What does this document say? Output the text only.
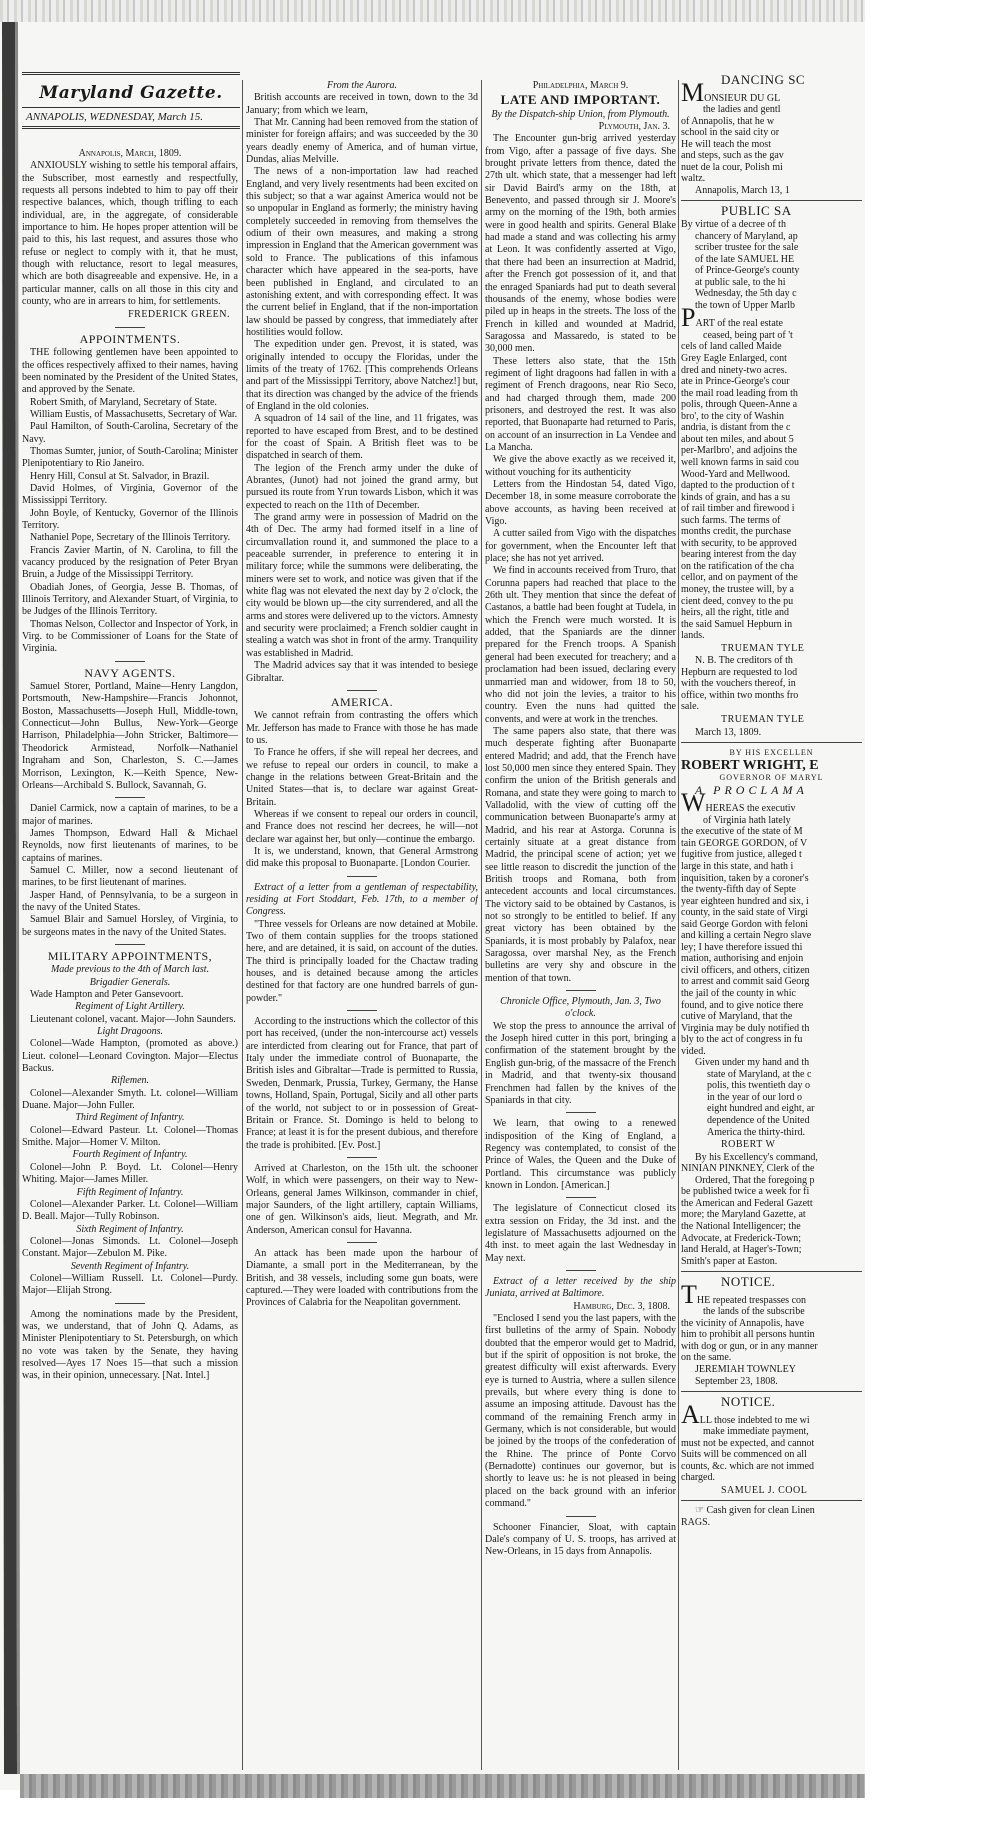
Maryland Gazette.
ANNAPOLIS, WEDNESDAY, March 15.
Annapolis, March, 1809.
ANXIOUSLY wishing to settle his temporal affairs, the Subscriber, most earnestly and respectfully, requests all persons indebted to him to pay off their respective balances, which, though trifling to each individual, are, in the aggregate, of considerable importance to him. He hopes proper attention will be paid to this, his last request, and assures those who refuse or neglect to comply with it, that he must, though with reluctance, resort to legal measures, which are both disagreeable and expensive. He, in a particular manner, calls on all those in this city and county, who are in arrears to him, for settlements.
FREDERICK GREEN.
APPOINTMENTS.
THE following gentlemen have been appointed to the offices respectively affixed to their names, having been nominated by the President of the United States, and approved by the Senate.
Robert Smith, of Maryland, Secretary of State.
William Eustis, of Massachusetts, Secretary of War.
Paul Hamilton, of South-Carolina, Secretary of the Navy.
Thomas Sumter, junior, of South-Carolina; Minister Plenipotentiary to Rio Janeiro.
Henry Hill, Consul at St. Salvador, in Brazil.
David Holmes, of Virginia, Governor of the Mississippi Territory.
John Boyle, of Kentucky, Governor of the Illinois Territory.
Nathaniel Pope, Secretary of the Illinois Territory.
Francis Zavier Martin, of N. Carolina, to fill the vacancy produced by the resignation of Peter Bryan Bruin, a Judge of the Mississippi Territory.
Obadiah Jones, of Georgia, Jesse B. Thomas, of Illinois Territory, and Alexander Stuart, of Virginia, to be Judges of the Illinois Territory.
Thomas Nelson, Collector and Inspector of York, in Virg. to be Commissioner of Loans for the State of Virginia.
NAVY AGENTS.
Samuel Storer, Portland, Maine—Henry Langdon, Portsmouth, New-Hampshire—Francis Johonnot, Boston, Massachusetts—Joseph Hull, Middle-town, Connecticut—John Bullus, New-York—George Harrison, Philadelphia—John Stricker, Baltimore—Theodorick Armistead, Norfolk—Nathaniel Ingraham and Son, Charleston, S. C.—James Morrison, Lexington, K.—Keith Spence, New-Orleans—Archibald S. Bullock, Savannah, G.
Daniel Carmick, now a captain of marines, to be a major of marines.
James Thompson, Edward Hall & Michael Reynolds, now first lieutenants of marines, to be captains of marines.
Samuel C. Miller, now a second lieutenant of marines, to be first lieutenant of marines.
Jasper Hand, of Pennsylvania, to be a surgeon in the navy of the United States.
Samuel Blair and Samuel Horsley, of Virginia, to be surgeons mates in the navy of the United States.
MILITARY APPOINTMENTS,
Made previous to the 4th of March last.
Brigadier Generals.
Wade Hampton and Peter Gansevoort.
Regiment of Light Artillery.
Lieutenant colonel, vacant. Major—John Saunders.
Light Dragoons.
Colonel—Wade Hampton, (promoted as above.) Lieut. colonel—Leonard Covington. Major—Electus Backus.
Riflemen.
Colonel—Alexander Smyth. Lt. colonel—William Duane. Major—John Fuller.
Third Regiment of Infantry.
Colonel—Edward Pasteur. Lt. Colonel—Thomas Smithe. Major—Homer V. Milton.
Fourth Regiment of Infantry.
Colonel—John P. Boyd. Lt. Colonel—Henry Whiting. Major—James Miller.
Fifth Regiment of Infantry.
Colonel—Alexander Parker. Lt. Colonel—William D. Beall. Major—Tully Robinson.
Sixth Regiment of Infantry.
Colonel—Jonas Simonds. Lt. Colonel—Joseph Constant. Major—Zebulon M. Pike.
Seventh Regiment of Infantry.
Colonel—William Russell. Lt. Colonel—Purdy. Major—Elijah Strong.
Among the nominations made by the President, was, we understand, that of John Q. Adams, as Minister Plenipotentiary to St. Petersburgh, on which no vote was taken by the Senate, they having resolved—Ayes 17 Noes 15—that such a mission was, in their opinion, unnecessary. [Nat. Intel.]
From the Aurora.
British accounts are received in town, down to the 3d January; from which we learn,
That Mr. Canning had been removed from the station of minister for foreign affairs; and was succeeded by the 30 years deadly enemy of America, and of human virtue, Dundas, alias Melville.
The news of a non-importation law had reached England, and very lively resentments had been excited on this subject; so that a war against America would not be so unpopular in England as formerly; the ministry having completely succeeded in removing from themselves the odium of their own measures, and making a strong impression in England that the American government was sold to France. The publications of this infamous character which have appeared in the sea-ports, have been published in England, and circulated to an astonishing extent, and with corresponding effect. It was the current belief in England, that if the non-importation law should be passed by congress, that immediately after hostilities would follow.
The expedition under gen. Prevost, it is stated, was originally intended to occupy the Floridas, under the limits of the treaty of 1762. [This comprehends Orleans and part of the Mississippi Territory, above Natchez!] but, that its direction was changed by the advice of the friends of England in the old colonies.
A squadron of 14 sail of the line, and 11 frigates, was reported to have escaped from Brest, and to be destined for the coast of Spain. A British fleet was to be dispatched in search of them.
The legion of the French army under the duke of Abrantes, (Junot) had not joined the grand army, but pursued its route from Yrun towards Lisbon, which it was expected to reach on the 11th of December.
The grand army were in possession of Madrid on the 4th of Dec. The army had formed itself in a line of circumvallation round it, and summoned the place to a peaceable surrender, in preference to entering it in military force; while the summons were deliberating, the miners were set to work, and notice was given that if the white flag was not elevated the next day by 2 o'clock, the city would be blown up—the city surrendered, and all the arms and stores were delivered up to the victors. Amnesty and security were proclaimed; a French soldier caught in stealing a watch was shot in front of the army. Tranquility was established in Madrid.
The Madrid advices say that it was intended to besiege Gibraltar.
AMERICA.
We cannot refrain from contrasting the offers which Mr. Jefferson has made to France with those he has made to us.
To France he offers, if she will repeal her decrees, and we refuse to repeal our orders in council, to make a change in the relations between Great-Britain and the United States—that is, to declare war against Great-Britain.
Whereas if we consent to repeal our orders in council, and France does not rescind her decrees, he will—not declare war against her, but only—continue the embargo.
It is, we understand, known, that General Armstrong did make this proposal to Buonaparte. [London Courier.
Extract of a letter from a gentleman of respectability, residing at Fort Stoddart, Feb. 17th, to a member of Congress.
"Three vessels for Orleans are now detained at Mobile. Two of them contain supplies for the troops stationed here, and are detained, it is said, on account of the duties. The third is principally loaded for the Chactaw trading houses, and is detained because among the articles destined for that factory are one hundred barrels of gun-powder."
According to the instructions which the collector of this port has received, (under the non-intercourse act) vessels are interdicted from clearing out for France, that part of Italy under the immediate control of Buonaparte, the British isles and Gibraltar—Trade is permitted to Russia, Sweden, Denmark, Prussia, Turkey, Germany, the Hanse towns, Holland, Spain, Portugal, Sicily and all other parts of the world, not subject to or in possession of Great-Britain or France. St. Domingo is held to belong to France; at least it is for the present dubious, and therefore the trade is prohibited. [Ev. Post.]
Arrived at Charleston, on the 15th ult. the schooner Wolf, in which were passengers, on their way to New-Orleans, general James Wilkinson, commander in chief, major Saunders, of the light artillery, captain Williams, one of gen. Wilkinson's aids, lieut. Megrath, and Mr. Anderson, American consul for Havanna.
An attack has been made upon the harbour of Diamante, a small port in the Mediterranean, by the British, and 38 vessels, including some gun boats, were captured.—They were loaded with contributions from the Provinces of Calabria for the Neapolitan government.
Philadelphia, March 9.
LATE AND IMPORTANT.
By the Dispatch-ship Union, from Plymouth.
Plymouth, Jan. 3.
The Encounter gun-brig arrived yesterday from Vigo, after a passage of five days. She brought private letters from thence, dated the 27th ult. which state, that a messenger had left sir David Baird's army on the 18th, at Benevento, and passed through sir J. Moore's army on the morning of the 19th, both armies were in good health and spirits. General Blake had made a stand and was collecting his army at Leon. It was confidently asserted at Vigo, that there had been an insurrection at Madrid, after the French got possession of it, and that the enraged Spaniards had put to death several thousands of the enemy, whose bodies were piled up in heaps in the streets. The loss of the French in killed and wounded at Madrid, Saragossa and Massaredo, is stated to be 30,000 men.
These letters also state, that the 15th regiment of light dragoons had fallen in with a regiment of French dragoons, near Rio Seco, and had charged through them, made 200 prisoners, and destroyed the rest. It was also reported, that Buonaparte had returned to Paris, on account of an insurrection in La Vendee and La Mancha.
We give the above exactly as we received it, without vouching for its authenticity
Letters from the Hindostan 54, dated Vigo, December 18, in some measure corroborate the above accounts, as having been received at Vigo.
A cutter sailed from Vigo with the dispatches for government, when the Encounter left that place; she has not yet arrived.
We find in accounts received from Truro, that Corunna papers had reached that place to the 26th ult. They mention that since the defeat of Castanos, a battle had been fought at Tudela, in which the French were much worsted. It is added, that the Spaniards are the dinner prepared for the French troops. A Spanish general had been executed for treachery; and a proclamation had been issued, declaring every unmarried man and widower, from 18 to 50, who did not join the levies, a traitor to his country. Even the nuns had quitted the convents, and were at work in the trenches.
The same papers also state, that there was much desperate fighting after Buonaparte entered Madrid; and add, that the French have lost 50,000 men since they entered Spain. They confirm the union of the British generals and Romana, and state they were going to march to Valladolid, with the view of cutting off the communication between Buonaparte's army at Madrid, and his rear at Astorga. Corunna is certainly situate at a great distance from Madrid, the principal scene of action; yet we see little reason to discredit the junction of the British troops and Romana, both from antecedent accounts and local circumstances. The victory said to be obtained by Castanos, is not so strongly to be entitled to belief. If any great victory has been obtained by the Spaniards, it is most probably by Palafox, near Saragossa, over marshal Ney, as the French bulletins are very shy and obscure in the mention of that town.
Chronicle Office, Plymouth, Jan. 3, Two o'clock.
We stop the press to announce the arrival of the Joseph hired cutter in this port, bringing a confirmation of the statement brought by the English gun-brig, of the massacre of the French in Madrid, and that twenty-six thousand Frenchmen had fallen by the knives of the Spaniards in that city.
We learn, that owing to a renewed indisposition of the King of England, a Regency was contemplated, to consist of the Prince of Wales, the Queen and the Duke of Portland. This circumstance was publicly known in London. [American.]
The legislature of Connecticut closed its extra session on Friday, the 3d inst. and the legislature of Massachusetts adjourned on the 4th inst. to meet again the last Wednesday in May next.
Extract of a letter received by the ship Juniata, arrived at Baltimore.
Hamburg, Dec. 3, 1808.
"Enclosed I send you the last papers, with the first bulletins of the army of Spain. Nobody doubted that the emperor would get to Madrid, but if the spirit of opposition is not broke, the greatest difficulty will exist afterwards. Every eye is turned to Austria, where a sullen silence prevails, but where every thing is done to assume an imposing attitude. Davoust has the command of the remaining French army in Germany, which is not considerable, but would be joined by the troops of the confederation of the Rhine. The prince of Ponte Corvo (Bernadotte) continues our governor, but is shortly to leave us: he is not pleased in being placed on the back ground with an inferior command."
Schooner Financier, Sloat, with captain Dale's company of U. S. troops, has arrived at New-Orleans, in 15 days from Annapolis.
DANCING SC
MONSIEUR DU GL
the ladies and gentl
of Annapolis, that he w
school in the said city or
He will teach the most
and steps, such as the gav
nuet de la cour, Polish mi
waltz.
Annapolis, March 13, 1
PUBLIC SA
By virtue of a decree of th
chancery of Maryland, ap
scriber trustee for the sale
of the late SAMUEL HE
of Prince-George's county
at public sale, to the hi
Wednesday, the 5th day c
the town of Upper Marlb
PART of the real estate
ceased, being part of 't
cels of land called Maide
Grey Eagle Enlarged, cont
dred and ninety-two acres.
ate in Prince-George's cour
the mail road leading from th
polis, through Queen-Anne a
bro', to the city of Washin
andria, is distant from the c
about ten miles, and about 5
per-Marlbro', and adjoins the
well known farms in said cou
Wood-Yard and Mellwood.
dapted to the production of t
kinds of grain, and has a su
of rail timber and firewood i
such farms. The terms of
months credit, the purchase
with security, to be approved
bearing interest from the day
on the ratification of the cha
cellor, and on payment of the
money, the trustee will, by a
cient deed, convey to the pu
heirs, all the right, title and
the said Samuel Hepburn in
lands.
TRUEMAN TYLE
N. B. The creditors of th
Hepburn are requested to lod
with the vouchers thereof, in
office, within two months fro
sale.
TRUEMAN TYLE
March 13, 1809.
BY HIS EXCELLEN
ROBERT WRIGHT, E
GOVERNOR OF MARYL
A PROCLAMA
WHEREAS the executiv
of Virginia hath lately
the executive of the state of M
tain GEORGE GORDON, of V
fugitive from justice, alleged t
large in this state, and hath i
inquisition, taken by a coroner's
the twenty-fifth day of Septe
year eighteen hundred and six, i
county, in the said state of Virgi
said George Gordon with feloni
and killing a certain Negro slave
ley; I have therefore issued thi
mation, authorising and enjoin
civil officers, and others, citizen
to arrest and commit said Georg
the jail of the county in whic
found, and to give notice there
cutive of Maryland, that the
Virginia may be duly notified th
bly to the act of congress in fu
vided.
Given under my hand and th
state of Maryland, at the c
polis, this twentieth day o
in the year of our lord o
eight hundred and eight, ar
dependence of the United
America the thirty-third.
ROBERT W
By his Excellency's command,
NINIAN PINKNEY, Clerk of the
Ordered, That the foregoing p
be published twice a week for fi
the American and Federal Gazett
more; the Maryland Gazette, at
the National Intelligencer; the
Advocate, at Frederick-Town;
land Herald, at Hager's-Town;
Smith's paper at Easton.
NOTICE.
THE repeated trespasses con
the lands of the subscribe
the vicinity of Annapolis, have
him to prohibit all persons huntin
with dog or gun, or in any manner
on the same.
JEREMIAH TOWNLEY
September 23, 1808.
NOTICE.
ALL those indebted to me wi
make immediate payment,
must not be expected, and cannot
Suits will be commenced on all
counts, &c. which are not immed
charged.
SAMUEL J. COOL
☞ Cash given for clean Linen
RAGS.
